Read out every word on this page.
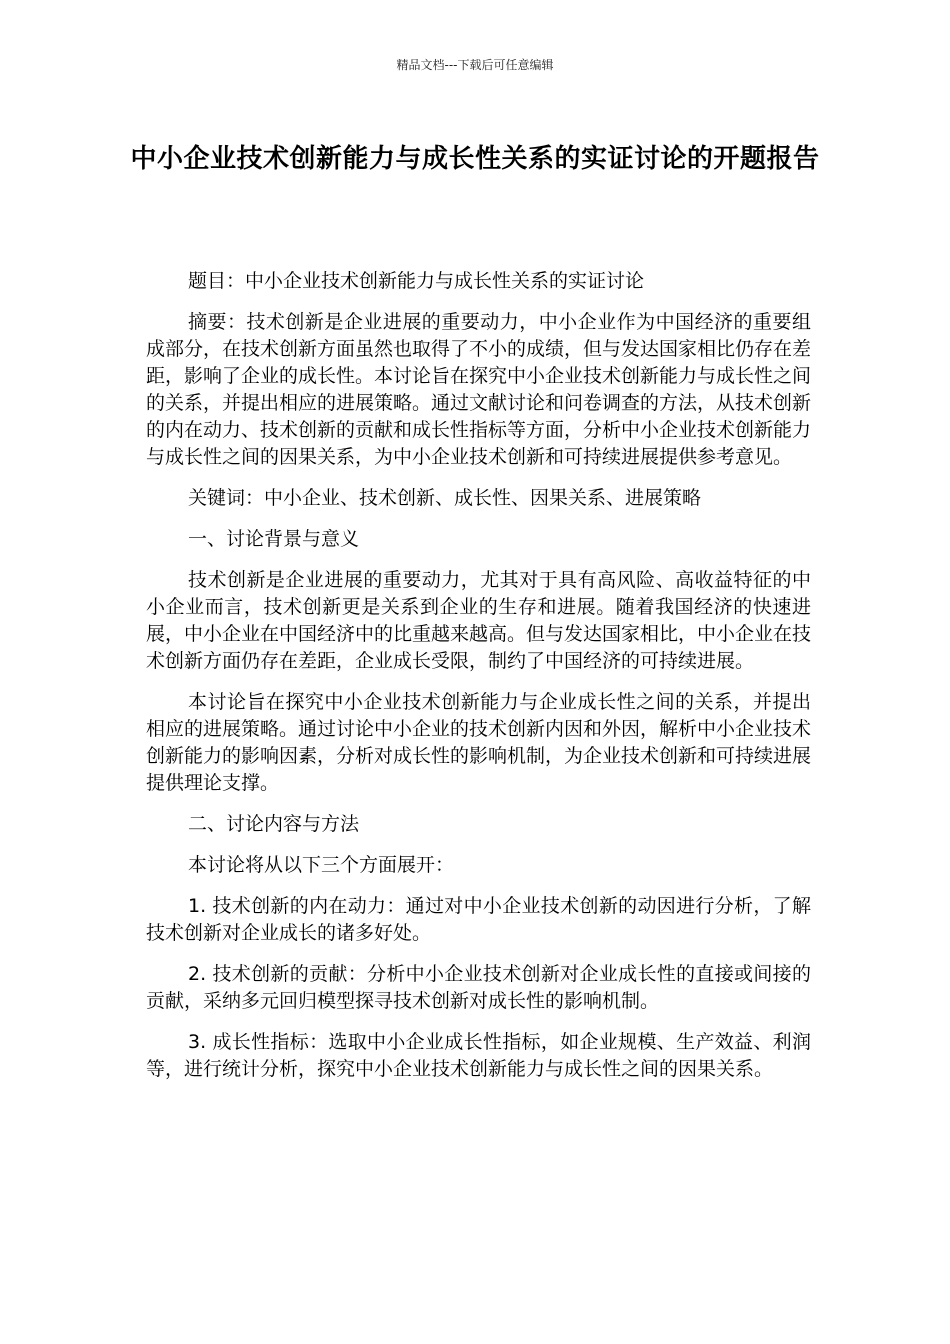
精品文档---下载后可任意编辑
中小企业技术创新能力与成长性关系的实证讨论的开题报告

题目：中小企业技术创新能力与成长性关系的实证讨论

摘要：技术创新是企业进展的重要动力，中小企业作为中国经济的重要组成部分，在技术创新方面虽然也取得了不小的成绩，但与发达国家相比仍存在差距，影响了企业的成长性。本讨论旨在探究中小企业技术创新能力与成长性之间的关系，并提出相应的进展策略。通过文献讨论和问卷调查的方法，从技术创新的内在动力、技术创新的贡献和成长性指标等方面，分析中小企业技术创新能力与成长性之间的因果关系，为中小企业技术创新和可持续进展提供参考意见。

关键词：中小企业、技术创新、成长性、因果关系、进展策略

一、讨论背景与意义

技术创新是企业进展的重要动力，尤其对于具有高风险、高收益特征的中小企业而言，技术创新更是关系到企业的生存和进展。随着我国经济的快速进展，中小企业在中国经济中的比重越来越高。但与发达国家相比，中小企业在技术创新方面仍存在差距，企业成长受限，制约了中国经济的可持续进展。

本讨论旨在探究中小企业技术创新能力与企业成长性之间的关系，并提出相应的进展策略。通过讨论中小企业的技术创新内因和外因，解析中小企业技术创新能力的影响因素，分析对成长性的影响机制，为企业技术创新和可持续进展提供理论支撑。

二、讨论内容与方法

本讨论将从以下三个方面展开：

1. 技术创新的内在动力：通过对中小企业技术创新的动因进行分析，了解技术创新对企业成长的诸多好处。

2. 技术创新的贡献：分析中小企业技术创新对企业成长性的直接或间接的贡献，采纳多元回归模型探寻技术创新对成长性的影响机制。

3. 成长性指标：选取中小企业成长性指标，如企业规模、生产效益、利润等，进行统计分析，探究中小企业技术创新能力与成长性之间的因果关系。
